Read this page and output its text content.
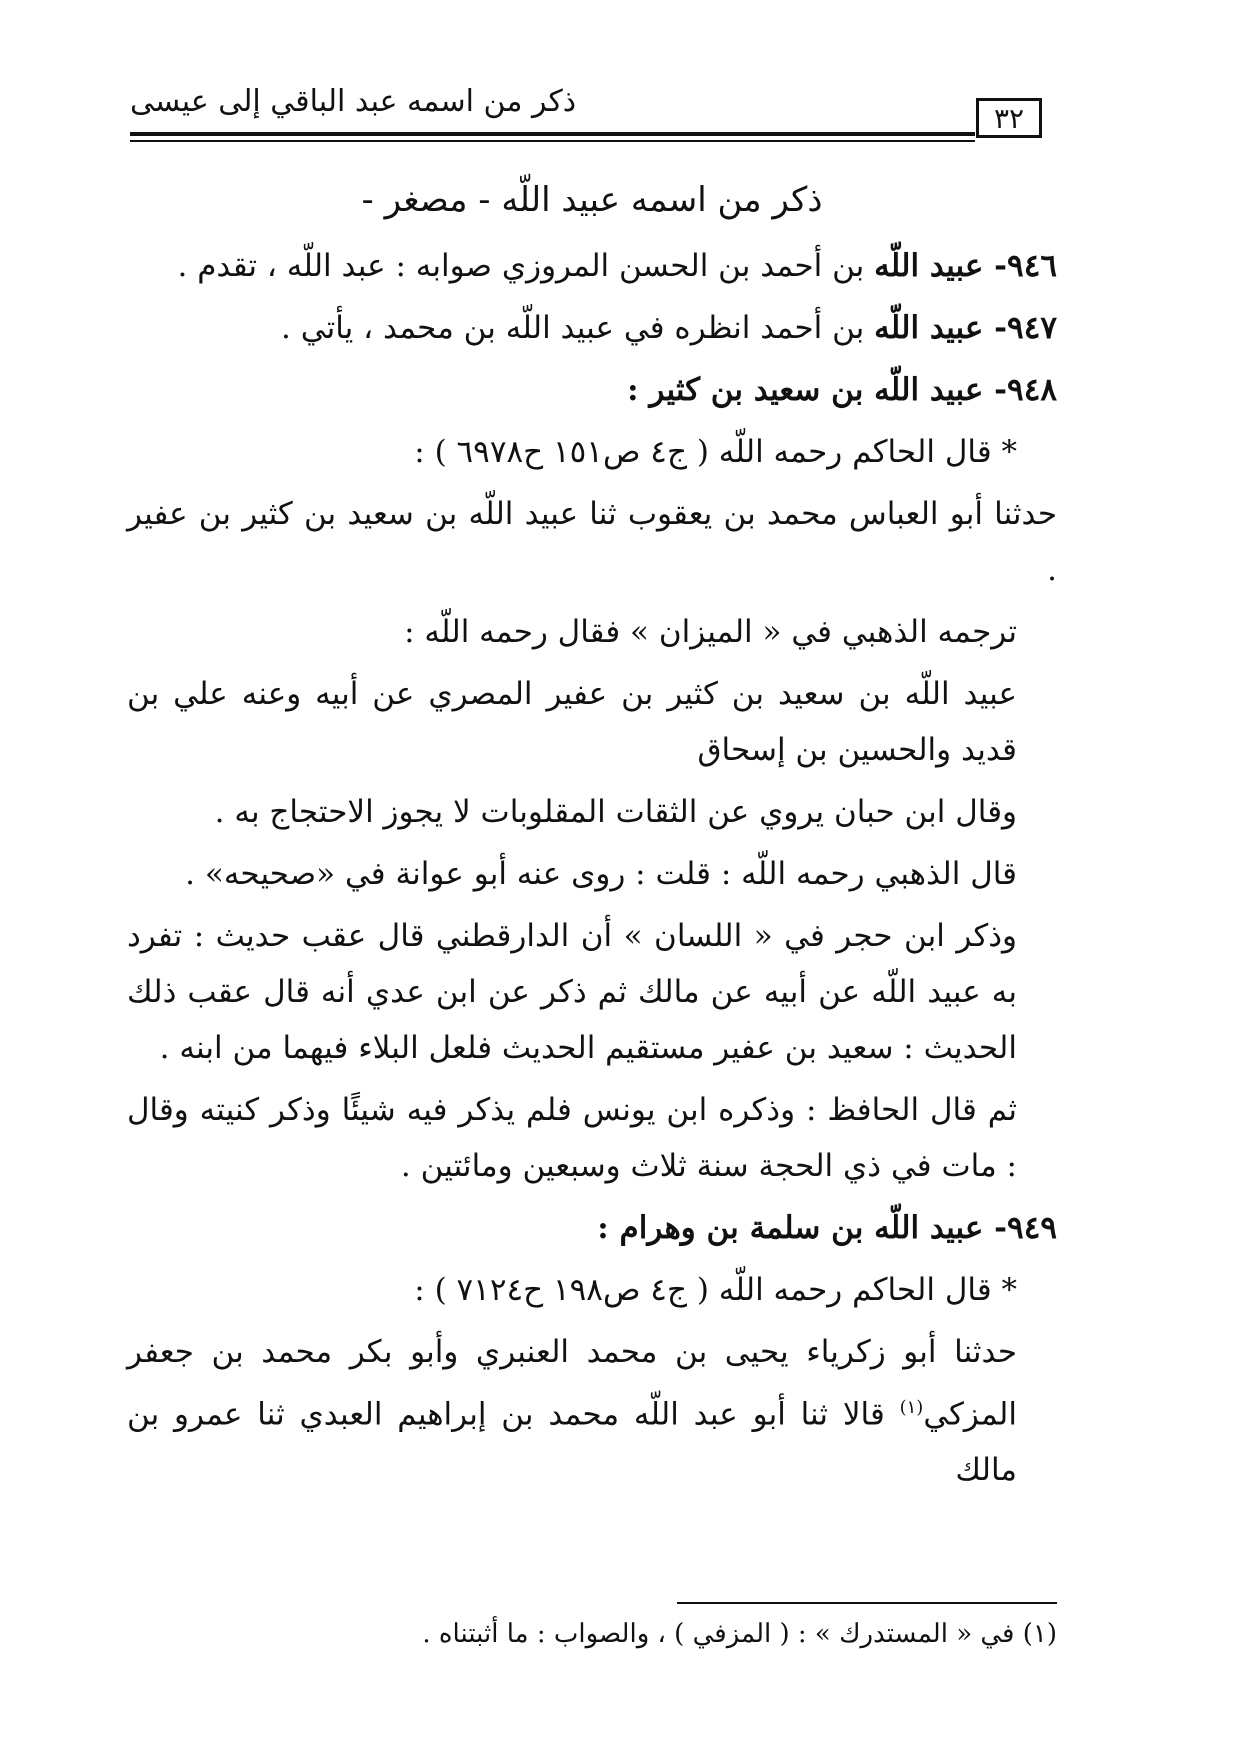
ذكر من اسمه عبد الباقي إلى عيسى	٣٢
ذكر من اسمه عبيد اللّه - مصغر -

٩٤٦- عبيد اللّه بن أحمد بن الحسن المروزي صوابه : عبد اللّه ، تقدم .

٩٤٧- عبيد اللّه بن أحمد انظره في عبيد اللّه بن محمد ، يأتي .

٩٤٨- عبيد اللّه بن سعيد بن كثير :

* قال الحاكم رحمه اللّه ( ج٤ ص١٥١ ح٦٩٧٨ ) :

حدثنا أبو العباس محمد بن يعقوب ثنا عبيد اللّه بن سعيد بن كثير بن عفير .

ترجمه الذهبي في « الميزان » فقال رحمه اللّه :

عبيد اللّه بن سعيد بن كثير بن عفير المصري عن أبيه وعنه علي بن قديد والحسين بن إسحاق

وقال ابن حبان يروي عن الثقات المقلوبات لا يجوز الاحتجاج به .

قال الذهبي رحمه اللّه : قلت : روى عنه أبو عوانة في «صحيحه» .

وذكر ابن حجر في « اللسان » أن الدارقطني قال عقب حديث : تفرد به عبيد اللّه عن أبيه عن مالك ثم ذكر عن ابن عدي أنه قال عقب ذلك الحديث : سعيد بن عفير مستقيم الحديث فلعل البلاء فيهما من ابنه .

ثم قال الحافظ : وذكره ابن يونس فلم يذكر فيه شيئًا وذكر كنيته وقال : مات في ذي الحجة سنة ثلاث وسبعين ومائتين .

٩٤٩- عبيد اللّه بن سلمة بن وهرام :

* قال الحاكم رحمه اللّه ( ج٤ ص١٩٨ ح٧١٢٤ ) :

حدثنا أبو زكرياء يحيى بن محمد العنبري وأبو بكر محمد بن جعفر المزكي$^{(١)}$ قالا ثنا أبو عبد اللّه محمد بن إبراهيم العبدي ثنا عمرو بن مالك

(١) في « المستدرك » : ( المزفي ) ، والصواب : ما أثبتناه .
